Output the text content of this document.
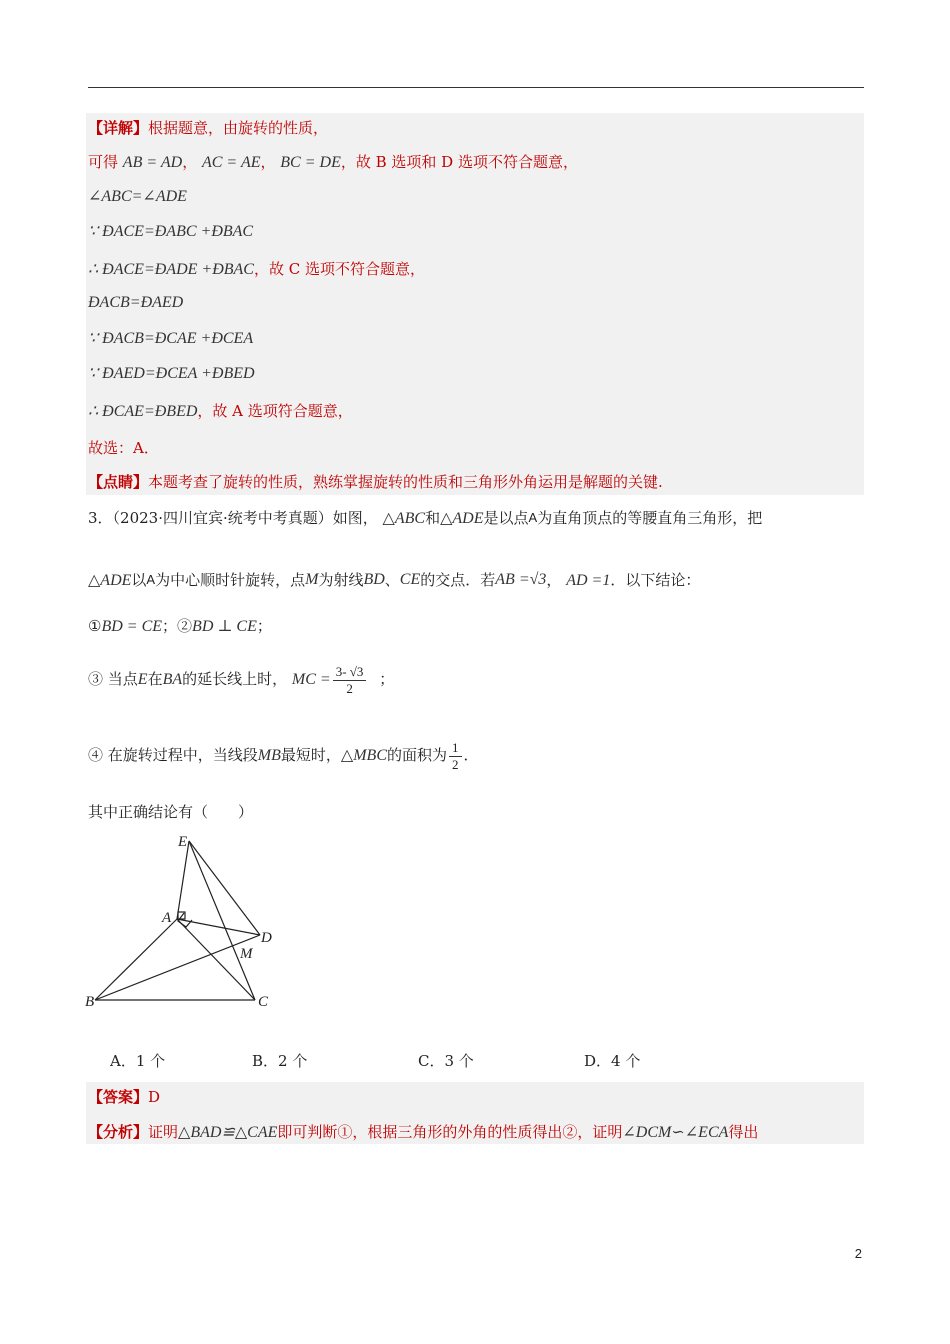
【详解】根据题意，由旋转的性质，
可得 AB = AD， AC = AE， BC = DE，故 B 选项和 D 选项不符合题意，
∠ABC=∠ADE
∵ ÐACE=ÐABC +ÐBAC
∴ ÐACE=ÐADE +ÐBAC，故 C 选项不符合题意，
ÐACB=ÐAED
∵ ÐACB=ÐCAE +ÐCEA
∵ ÐAED=ÐCEA +ÐBED
∴ ÐCAE=ÐBED，故 A 选项符合题意，
故选：A．
【点睛】本题考查了旋转的性质，熟练掌握旋转的性质和三角形外角运用是解题的关键.
3．（2023·四川宜宾·统考中考真题）如图， △ABC和△ADE是以点A为直角顶点的等腰直角三角形，把
△ADE以A为中心顺时针旋转，点M为射线BD、CE的交点．若AB =√3， AD =1．以下结论：
①BD = CE；②BD ⊥ CE；
③ 当点E在BA的延长线上时， MC = $\frac{3- √3}{2}$ ；
④ 在旋转过程中，当线段MB最短时，△MBC的面积为 $\frac{1}{2}$ ．
其中正确结论有（　　）
E
A
D
M
B	C
A．1 个	B．2 个	C．3 个	D．4 个
【答案】D
【分析】证明△BAD≌△CAE即可判断①，根据三角形的外角的性质得出②，证明∠DCM∽∠ECA得出
2
